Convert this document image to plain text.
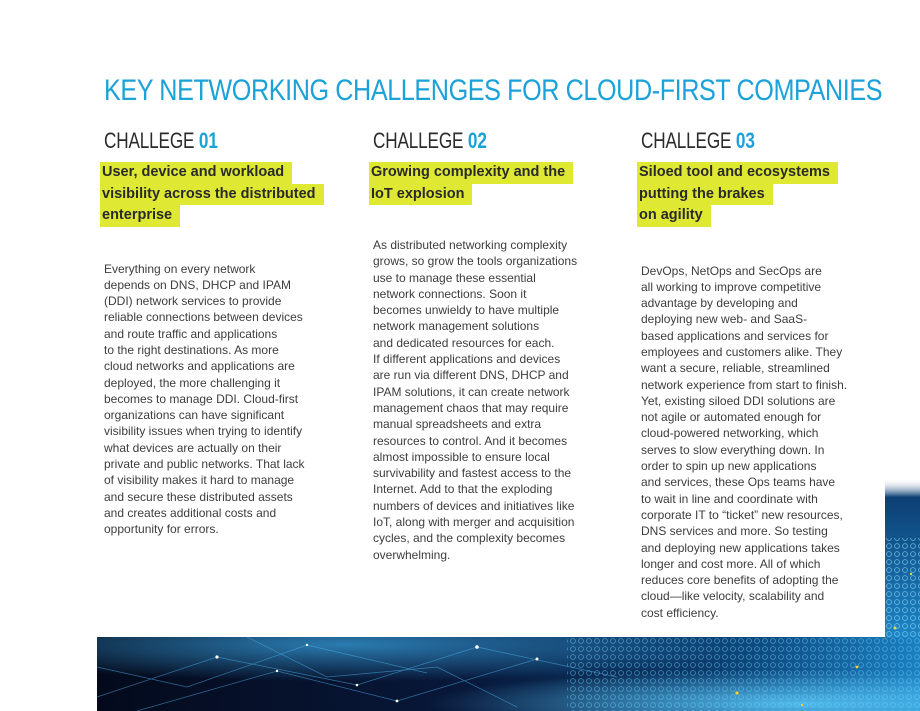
KEY NETWORKING CHALLENGES FOR CLOUD-FIRST COMPANIES
CHALLEGE 01
User, device and workload
visibility across the distributed
enterprise
Everything on every network
depends on DNS, DHCP and IPAM
(DDI) network services to provide
reliable connections between devices
and route traffic and applications
to the right destinations. As more
cloud networks and applications are
deployed, the more challenging it
becomes to manage DDI. Cloud-first
organizations can have significant
visibility issues when trying to identify
what devices are actually on their
private and public networks. That lack
of visibility makes it hard to manage
and secure these distributed assets
and creates additional costs and
opportunity for errors.
CHALLEGE 02
Growing complexity and the
IoT explosion
As distributed networking complexity
grows, so grow the tools organizations
use to manage these essential
network connections. Soon it
becomes unwieldy to have multiple
network management solutions
and dedicated resources for each.
If different applications and devices
are run via different DNS, DHCP and
IPAM solutions, it can create network
management chaos that may require
manual spreadsheets and extra
resources to control. And it becomes
almost impossible to ensure local
survivability and fastest access to the
Internet. Add to that the exploding
numbers of devices and initiatives like
IoT, along with merger and acquisition
cycles, and the complexity becomes
overwhelming.
CHALLEGE 03
Siloed tool and ecosystems
putting the brakes
on agility
DevOps, NetOps and SecOps are
all working to improve competitive
advantage by developing and
deploying new web- and SaaS-
based applications and services for
employees and customers alike. They
want a secure, reliable, streamlined
network experience from start to finish.
Yet, existing siloed DDI solutions are
not agile or automated enough for
cloud-powered networking, which
serves to slow everything down. In
order to spin up new applications
and services, these Ops teams have
to wait in line and coordinate with
corporate IT to “ticket” new resources,
DNS services and more. So testing
and deploying new applications takes
longer and cost more. All of which
reduces core benefits of adopting the
cloud—like velocity, scalability and
cost efficiency.
